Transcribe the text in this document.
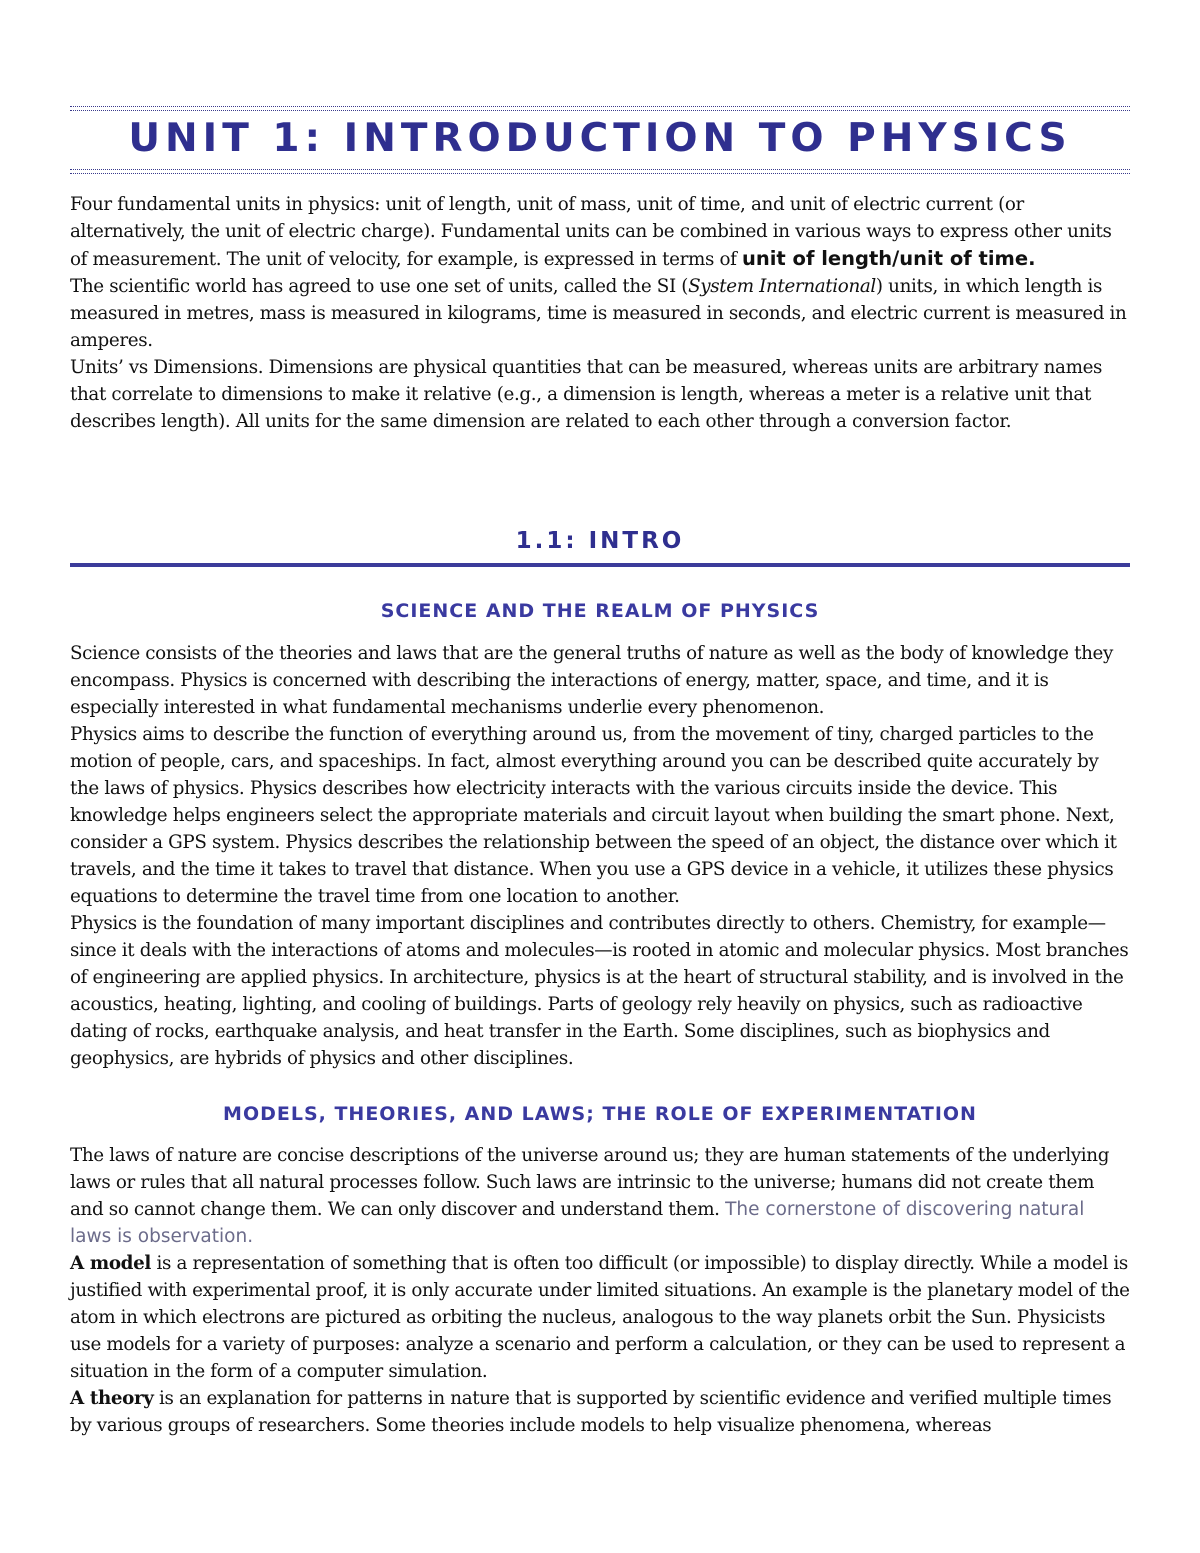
UNIT 1: INTRODUCTION TO PHYSICS

Four fundamental units in physics: unit of length, unit of mass, unit of time, and unit of electric current (or alternatively, the unit of electric charge). Fundamental units can be combined in various ways to express other units of measurement. The unit of velocity, for example, is expressed in terms of unit of length/unit of time.

The scientific world has agreed to use one set of units, called the SI (System International) units, in which length is measured in metres, mass is measured in kilograms, time is measured in seconds, and electric current is measured in amperes.

Units’ vs Dimensions. Dimensions are physical quantities that can be measured, whereas units are arbitrary names that correlate to dimensions to make it relative (e.g., a dimension is length, whereas a meter is a relative unit that describes length). All units for the same dimension are related to each other through a conversion factor.

1.1: INTRO
SCIENCE AND THE REALM OF PHYSICS

Science consists of the theories and laws that are the general truths of nature as well as the body of knowledge they encompass. Physics is concerned with describing the interactions of energy, matter, space, and time, and it is especially interested in what fundamental mechanisms underlie every phenomenon.

Physics aims to describe the function of everything around us, from the movement of tiny, charged particles to the motion of people, cars, and spaceships. In fact, almost everything around you can be described quite accurately by the laws of physics. Physics describes how electricity interacts with the various circuits inside the device. This knowledge helps engineers select the appropriate materials and circuit layout when building the smart phone. Next, consider a GPS system. Physics describes the relationship between the speed of an object, the distance over which it travels, and the time it takes to travel that distance. When you use a GPS device in a vehicle, it utilizes these physics equations to determine the travel time from one location to another.

Physics is the foundation of many important disciplines and contributes directly to others. Chemistry, for example—since it deals with the interactions of atoms and molecules—is rooted in atomic and molecular physics. Most branches of engineering are applied physics. In architecture, physics is at the heart of structural stability, and is involved in the acoustics, heating, lighting, and cooling of buildings. Parts of geology rely heavily on physics, such as radioactive dating of rocks, earthquake analysis, and heat transfer in the Earth. Some disciplines, such as biophysics and geophysics, are hybrids of physics and other disciplines.

MODELS, THEORIES, AND LAWS; THE ROLE OF EXPERIMENTATION

The laws of nature are concise descriptions of the universe around us; they are human statements of the underlying laws or rules that all natural processes follow. Such laws are intrinsic to the universe; humans did not create them and so cannot change them. We can only discover and understand them. The cornerstone of discovering natural laws is observation.

A model is a representation of something that is often too difficult (or impossible) to display directly. While a model is justified with experimental proof, it is only accurate under limited situations. An example is the planetary model of the atom in which electrons are pictured as orbiting the nucleus, analogous to the way planets orbit the Sun. Physicists use models for a variety of purposes: analyze a scenario and perform a calculation, or they can be used to represent a situation in the form of a computer simulation.

A theory is an explanation for patterns in nature that is supported by scientific evidence and verified multiple times by various groups of researchers. Some theories include models to help visualize phenomena, whereas
